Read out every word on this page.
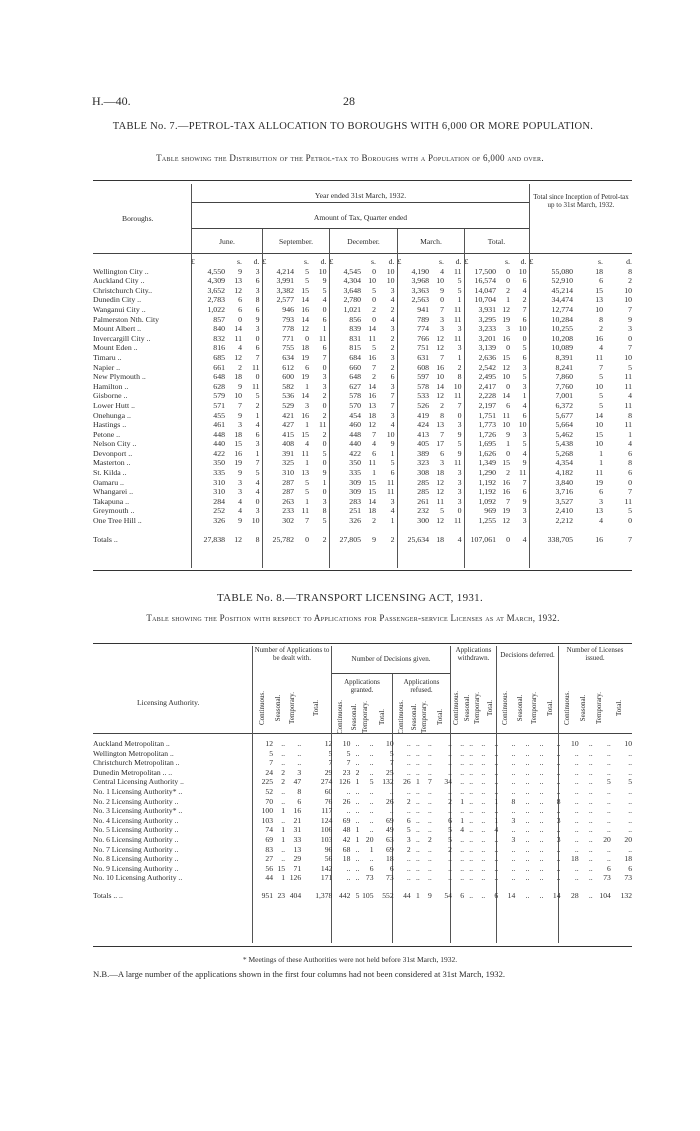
H.—40.	28
TABLE No. 7.—PETROL-TAX ALLOCATION TO BOROUGHS WITH 6,000 OR MORE POPULATION.
Table showing the Distribution of the Petrol-tax to Boroughs with a Population of 6,000 and over.
Boroughs.
Year ended 31st March, 1932.
Amount of Tax, Quarter ended
June.	September.	December.	March.	Total.
Total since Inception of Petrol-tax up to 31st March, 1932.
	£	s.	d.	£	s.	d.	£	s.	d.	£	s.	d.	£	s.	d.	£	s.	d.
Wellington City ..	4,550	9	3	4,214	5	10	4,545	0	10	4,190	4	11	17,500	0	10	55,080	18	8
Auckland City ..	4,309	13	6	3,991	5	9	4,304	10	10	3,968	10	5	16,574	0	6	52,910	6	2
Christchurch City..	3,652	12	3	3,382	15	5	3,648	5	3	3,363	9	5	14,047	2	4	45,214	15	10
Dunedin City ..	2,783	6	8	2,577	14	4	2,780	0	4	2,563	0	1	10,704	1	2	34,474	13	10
Wanganui City ..	1,022	6	6	946	16	0	1,021	2	2	941	7	11	3,931	12	7	12,774	10	7
Palmerston Nth. City	857	0	9	793	14	6	856	0	4	789	3	11	3,295	19	6	10,284	8	9
Mount Albert ..	840	14	3	778	12	1	839	14	3	774	3	3	3,233	3	10	10,255	2	3
Invercargill City ..	832	11	0	771	0	11	831	11	2	766	12	11	3,201	16	0	10,208	16	0
Mount Eden ..	816	4	6	755	18	6	815	5	2	751	12	3	3,139	0	5	10,089	4	7
Timaru ..	685	12	7	634	19	7	684	16	3	631	7	1	2,636	15	6	8,391	11	10
Napier ..	661	2	11	612	6	0	660	7	2	608	16	2	2,542	12	3	8,241	7	5
New Plymouth ..	648	18	0	600	19	3	648	2	6	597	10	8	2,495	10	5	7,860	5	11
Hamilton ..	628	9	11	582	1	3	627	14	3	578	14	10	2,417	0	3	7,760	10	11
Gisborne ..	579	10	5	536	14	2	578	16	7	533	12	11	2,228	14	1	7,001	5	4
Lower Hutt ..	571	7	2	529	3	0	570	13	7	526	2	7	2,197	6	4	6,372	5	11
Onehunga ..	455	9	1	421	16	2	454	18	3	419	8	0	1,751	11	6	5,677	14	8
Hastings ..	461	3	4	427	1	11	460	12	4	424	13	3	1,773	10	10	5,664	10	11
Petone ..	448	18	6	415	15	2	448	7	10	413	7	9	1,726	9	3	5,462	15	1
Nelson City ..	440	15	3	408	4	0	440	4	9	405	17	5	1,695	1	5	5,438	10	4
Devonport ..	422	16	1	391	11	5	422	6	1	389	6	9	1,626	0	4	5,268	1	6
Masterton ..	350	19	7	325	1	0	350	11	5	323	3	11	1,349	15	9	4,354	1	8
St. Kilda ..	335	9	5	310	13	9	335	1	6	308	18	3	1,290	2	11	4,182	11	6
Oamaru ..	310	3	4	287	5	1	309	15	11	285	12	3	1,192	16	7	3,840	19	0
Whangarei ..	310	3	4	287	5	0	309	15	11	285	12	3	1,192	16	6	3,716	6	7
Takapuna ..	284	4	0	263	1	3	283	14	3	261	11	3	1,092	7	9	3,527	3	11
Greymouth ..	252	4	3	233	11	8	251	18	4	232	5	0	969	19	3	2,410	13	5
One Tree Hill ..	326	9	10	302	7	5	326	2	1	300	12	11	1,255	12	3	2,212	4	0
Totals ..	27,838	12	8	25,782	0	2	27,805	9	2	25,634	18	4	107,061	0	4	338,705	16	7
TABLE No. 8.—TRANSPORT LICENSING ACT, 1931.
Table showing the Position with respect to Applications for Passenger-service Licenses as at March, 1932.
Licensing Authority.
Number of Applications to be dealt with.	Number of Decisions given.
Applications granted.
Applications refused.
Applications withdrawn.	Decisions deferred.
Number of Licenses issued.
Continuous. Seasonal. Temporary. Total. Continuous. Seasonal. Temporary. Total. Continuous. Seasonal. Temporary. Total. Continuous. Seasonal. Temporary. Total. Continuous. Seasonal. Temporary. Total. Continuous. Seasonal. Temporary. Total.
Auckland Metropolitan ..	12	..	..	12	10	..	..	10	..	..	..	..	..	..	..	..	..	..	..	..	10	..	..	10
Wellington Metropolitan ..	5	..	..	5	5	..	..	5	..	..	..	..	..	..	..	..	..	..	..	..	..	..	..	..
Christchurch Metropolitan ..	7	..	..	7	7	..	..	7	..	..	..	..	..	..	..	..	..	..	..	..	..	..	..	..
Dunedin Metropolitan .. ..	24	2	3	29	23	2	..	25	..	..	..	..	..	..	..	..	..	..	..	..	..	..	..	..
Central Licensing Authority ..	225	2	47	274	126	1	5	132	26	1	7	34	..	..	..	..	..	..	..	..	..	..	5	5
No. 1 Licensing Authority* ..	52	..	8	60	..	..	..	..	..	..	..	..	..	..	..	..	..	..	..	..	..	..	..	..
No. 2 Licensing Authority ..	70	..	6	76	26	..	..	26	2	..	..	2	1	..	..	1	8	..	..	8	..	..	..	..
No. 3 Licensing Authority* ..	100	1	16	117	..	..	..	..	..	..	..	..	..	..	..	..	..	..	..	..	..	..	..	..
No. 4 Licensing Authority ..	103	..	21	124	69	..	..	69	6	..	..	6	1	..	..	1	3	..	..	3	..	..	..	..
No. 5 Licensing Authority ..	74	1	31	106	48	1	..	49	5	..	..	5	4	..	..	4	..	..	..	..	..	..	..	..
No. 6 Licensing Authority ..	69	1	33	103	42	1	20	63	3	..	2	5	..	..	..	..	3	..	..	3	..	..	20	20
No. 7 Licensing Authority ..	83	..	13	96	68	..	1	69	2	..	..	2	..	..	..	..	..	..	..	..	..	..	..	..
No. 8 Licensing Authority ..	27	..	29	56	18	..	..	18	..	..	..	..	..	..	..	..	..	..	..	..	18	..	..	18
No. 9 Licensing Authority ..	56	15	71	142	..	..	6	6	..	..	..	..	..	..	..	..	..	..	..	..	..	..	6	6
No. 10 Licensing Authority ..	44	1	126	171	..	..	73	73	..	..	..	..	..	..	..	..	..	..	..	..	..	..	73	73
Totals .. ..	951	23	404	1,378	442	5	105	552	44	1	9	54	6	..	..	6	14	..	..	14	28	..	104	132
* Meetings of these Authorities were not held before 31st March, 1932.
N.B.—A large number of the applications shown in the first four columns had not been considered at 31st March, 1932.
